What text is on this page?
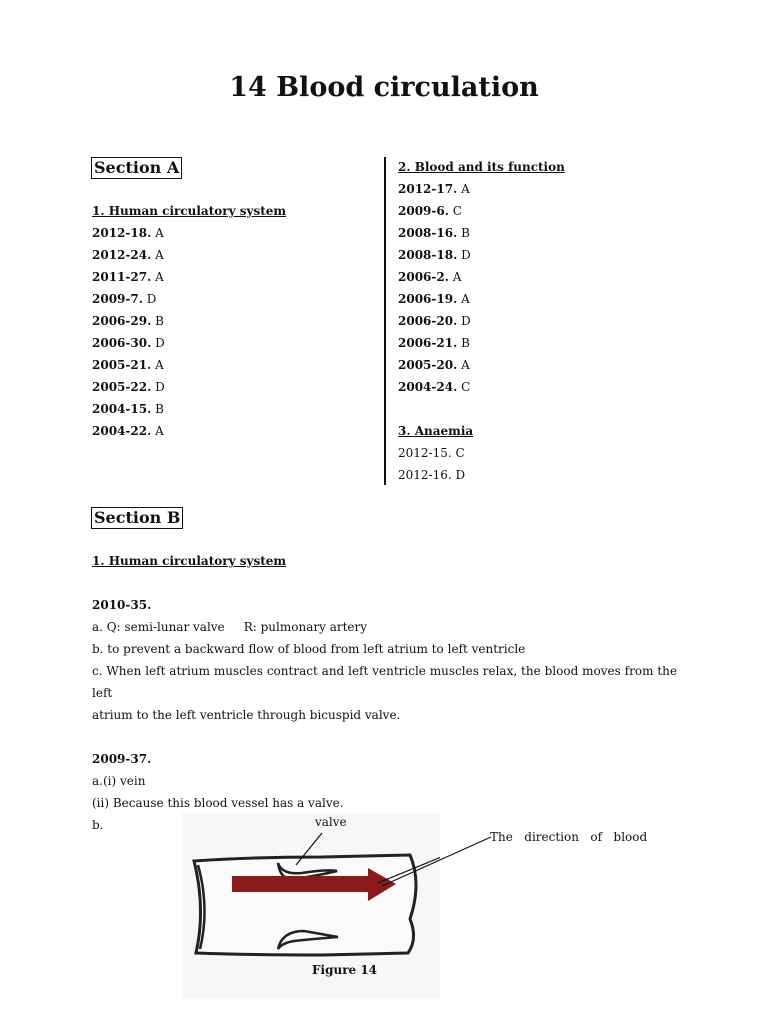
14 Blood circulation
Section A
1. Human circulatory system
2012-18. A
2012-24. A
2011-27. A
2009-7. D
2006-29. B
2006-30. D
2005-21. A
2005-22. D
2004-15. B
2004-22. A
2. Blood and its function
2012-17. A
2009-6. C
2008-16. B
2008-18. D
2006-2. A
2006-19. A
2006-20. D
2006-21. B
2005-20. A
2004-24. C
3. Anaemia
2012-15. C
2012-16. D
Section B
1. Human circulatory system
2010-35.
a. Q: semi-lunar valve     R: pulmonary artery
b. to prevent a backward flow of blood from left atrium to left ventricle
c. When left atrium muscles contract and left ventricle muscles relax, the blood moves from the left
atrium to the left ventricle through bicuspid valve.
2009-37.
a.(i) vein
(ii) Because this blood vessel has a valve.
b.
Figure 14
valve
The   direction   of   blood
